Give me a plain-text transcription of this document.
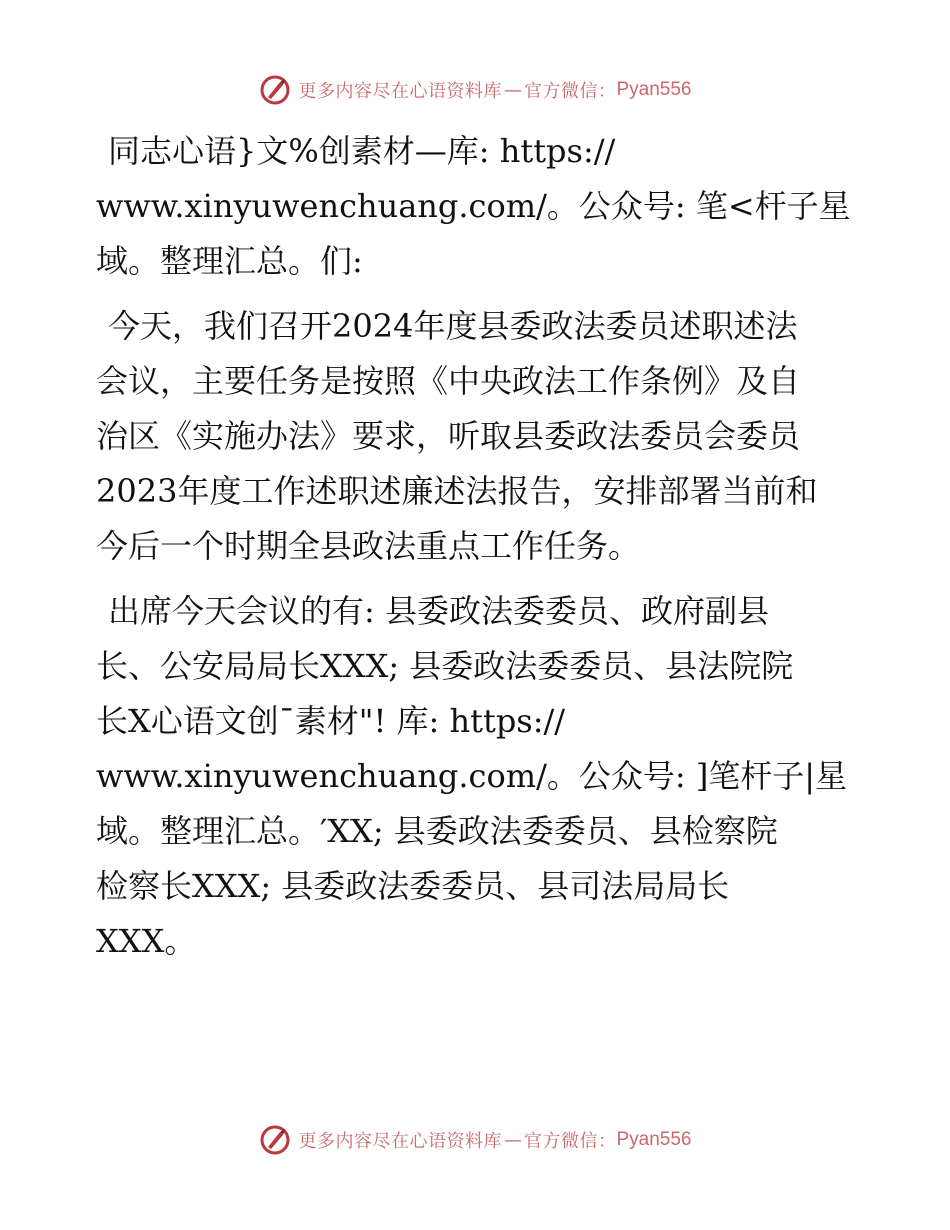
更多内容尽在心语资料库 — 官方微信： Pyan556
同志心语}文%创素材—库: https://
www.xinyuwenchuang.com/。公众号: 笔<杆子星
域。整理汇总。们:
今天，我们召开2024年度县委政法委员述职述法
会议，主要任务是按照《中央政法工作条例》及自
治区《实施办法》要求，听取县委政法委员会委员
2023年度工作述职述廉述法报告，安排部署当前和
今后一个时期全县政法重点工作任务。
出席今天会议的有: 县委政法委委员、政府副县
长、公安局局长XXX; 县委政法委委员、县法院院
长X心语文创¯素材"! 库: https://
www.xinyuwenchuang.com/。公众号: ]笔杆子|星
域。整理汇总。′XX; 县委政法委委员、县检察院
检察长XXX; 县委政法委委员、县司法局局长
XXX。
更多内容尽在心语资料库 — 官方微信： Pyan556
